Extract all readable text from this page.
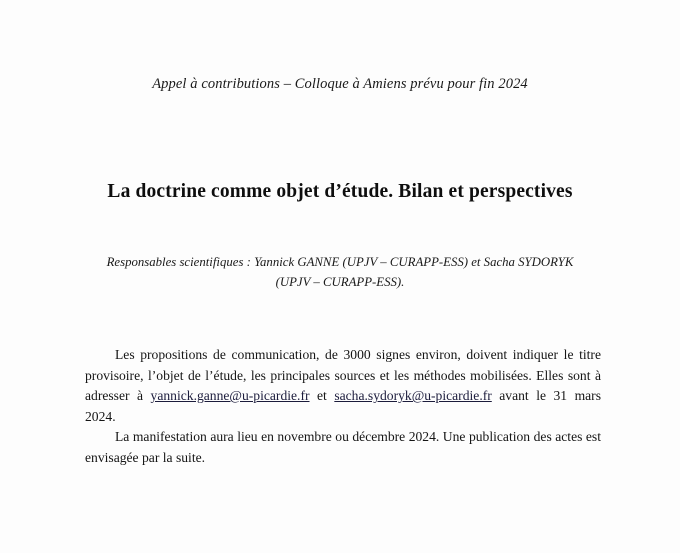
Appel à contributions – Colloque à Amiens prévu pour fin 2024
La doctrine comme objet d’étude. Bilan et perspectives
Responsables scientifiques : Yannick GANNE (UPJV – CURAPP-ESS) et Sacha SYDORYK
(UPJV – CURAPP-ESS).

Les propositions de communication, de 3000 signes environ, doivent indiquer le titre provisoire, l’objet de l’étude, les principales sources et les méthodes mobilisées. Elles sont à adresser à yannick.ganne@u-picardie.fr et sacha.sydoryk@u-picardie.fr avant le 31 mars 2024.

La manifestation aura lieu en novembre ou décembre 2024. Une publication des actes est envisagée par la suite.
